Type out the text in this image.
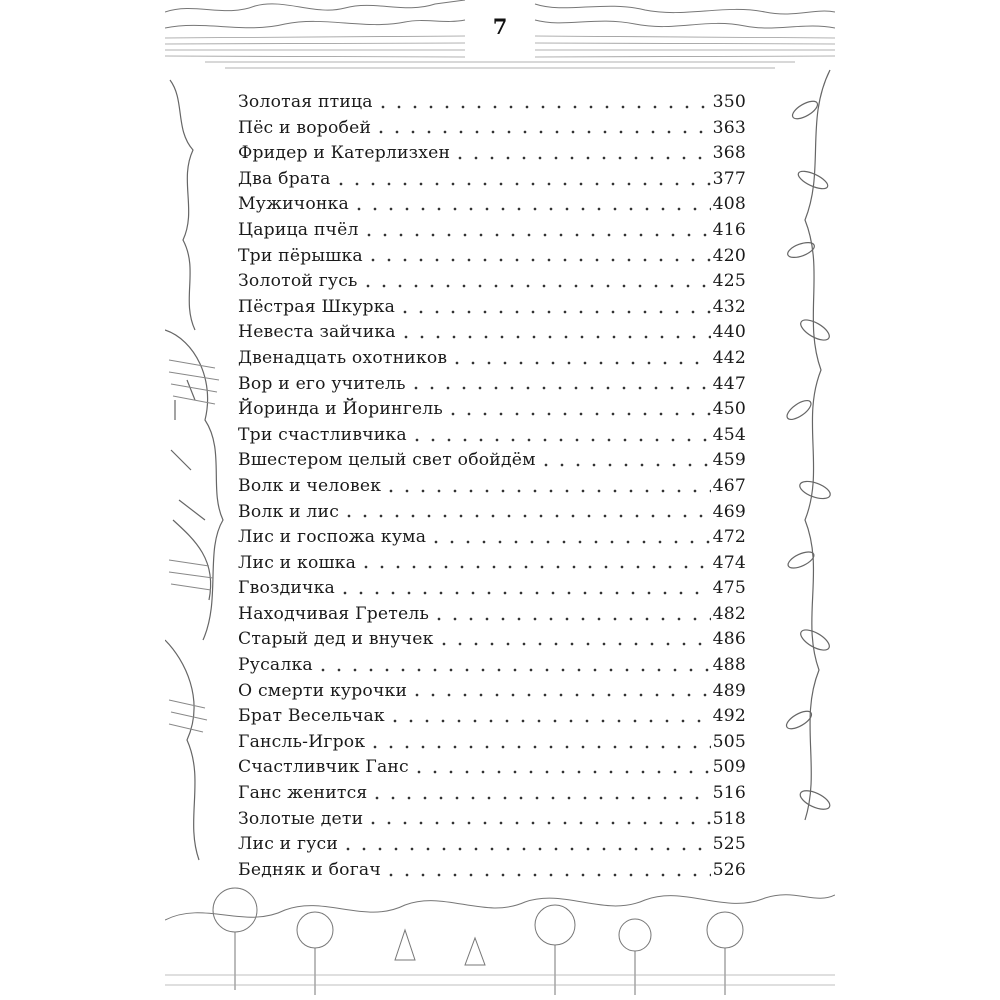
7
Золотая птица	350
Пёс и воробей	363
Фридер и Катерлизхен	368
Два брата	377
Мужичонка	408
Царица пчёл	416
Три пёрышка	420
Золотой гусь	425
Пёстрая Шкурка	432
Невеста зайчика	440
Двенадцать охотников	442
Вор и его учитель	447
Йоринда и Йорингель	450
Три счастливчика	454
Вшестером целый свет обойдём	459
Волк и человек	467
Волк и лис	469
Лис и госпожа кума	472
Лис и кошка	474
Гвоздичка	475
Находчивая Гретель	482
Старый дед и внучек	486
Русалка	488
О смерти курочки	489
Брат Весельчак	492
Гансль-Игрок	505
Счастливчик Ганс	509
Ганс женится	516
Золотые дети	518
Лис и гуси	525
Бедняк и богач	526
